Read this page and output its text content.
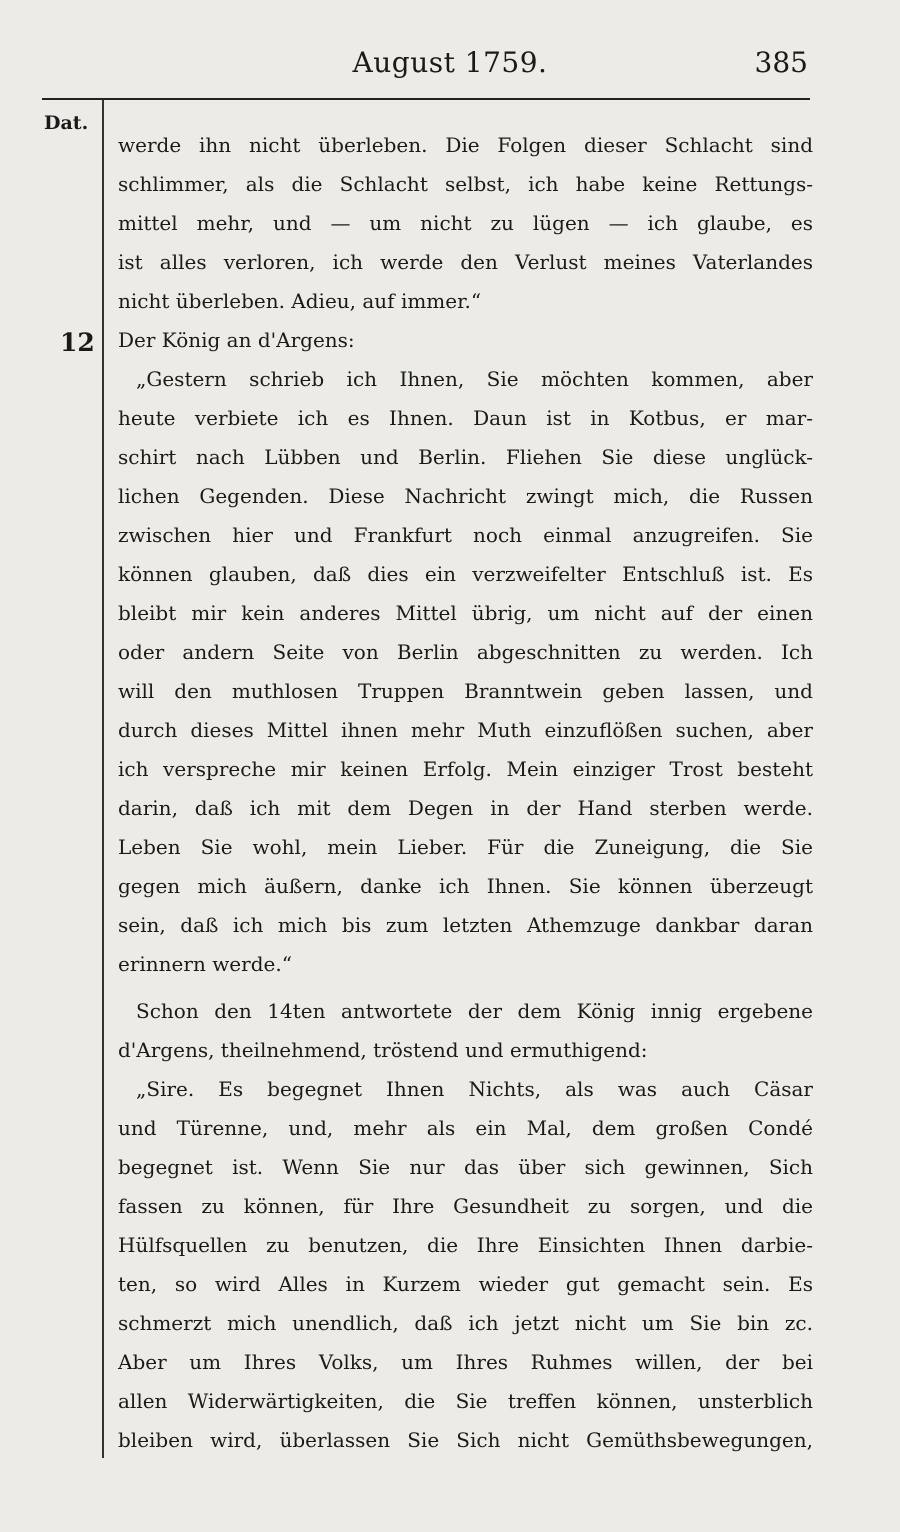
August 1759.	385
Dat.
12
werde ihn nicht überleben. Die Folgen dieser Schlacht sind
schlimmer, als die Schlacht selbst, ich habe keine Rettungs-
mittel mehr, und — um nicht zu lügen — ich glaube, es
ist alles verloren, ich werde den Verlust meines Vaterlandes
nicht überleben. Adieu, auf immer.“
Der König an d'Argens:
„Gestern schrieb ich Ihnen, Sie möchten kommen, aber
heute verbiete ich es Ihnen. Daun ist in Kotbus, er mar-
schirt nach Lübben und Berlin. Fliehen Sie diese unglück-
lichen Gegenden. Diese Nachricht zwingt mich, die Russen
zwischen hier und Frankfurt noch einmal anzugreifen. Sie
können glauben, daß dies ein verzweifelter Entschluß ist. Es
bleibt mir kein anderes Mittel übrig, um nicht auf der einen
oder andern Seite von Berlin abgeschnitten zu werden. Ich
will den muthlosen Truppen Branntwein geben lassen, und
durch dieses Mittel ihnen mehr Muth einzuflößen suchen, aber
ich verspreche mir keinen Erfolg. Mein einziger Trost besteht
darin, daß ich mit dem Degen in der Hand sterben werde.
Leben Sie wohl, mein Lieber. Für die Zuneigung, die Sie
gegen mich äußern, danke ich Ihnen. Sie können überzeugt
sein, daß ich mich bis zum letzten Athemzuge dankbar daran
erinnern werde.“
Schon den 14ten antwortete der dem König innig ergebene
d'Argens, theilnehmend, tröstend und ermuthigend:
„Sire. Es begegnet Ihnen Nichts, als was auch Cäsar
und Türenne, und, mehr als ein Mal, dem großen Condé
begegnet ist. Wenn Sie nur das über sich gewinnen, Sich
fassen zu können, für Ihre Gesundheit zu sorgen, und die
Hülfsquellen zu benutzen, die Ihre Einsichten Ihnen darbie-
ten, so wird Alles in Kurzem wieder gut gemacht sein. Es
schmerzt mich unendlich, daß ich jetzt nicht um Sie bin zc.
Aber um Ihres Volks, um Ihres Ruhmes willen, der bei
allen Widerwärtigkeiten, die Sie treffen können, unsterblich
bleiben wird, überlassen Sie Sich nicht Gemüthsbewegungen,
